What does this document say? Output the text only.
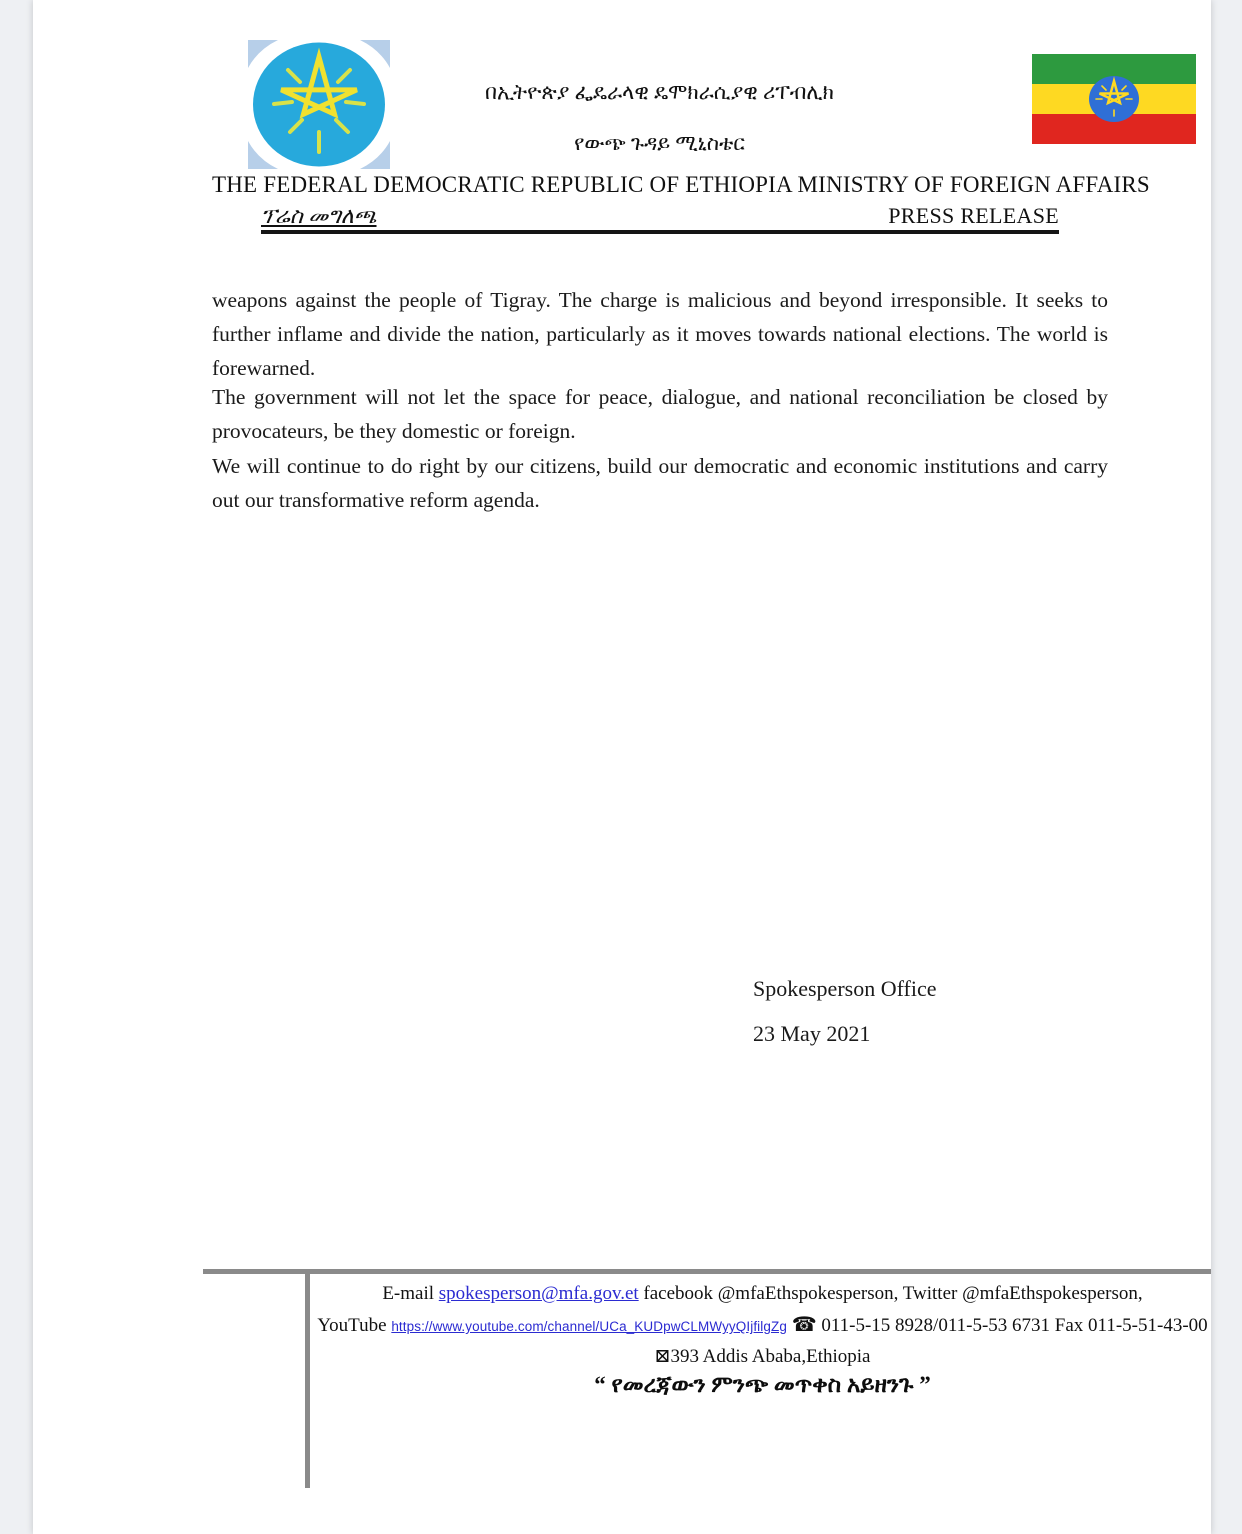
በኢትዮጵያ ፌዴራላዊ ዴሞክራሲያዊ ሪፐብሊክ
የውጭ ጉዳይ ሚኒስቴር
THE FEDERAL DEMOCRATIC REPUBLIC OF ETHIOPIA MINISTRY OF FOREIGN AFFAIRS
ፕሬስ መግለጫ	PRESS RELEASE

weapons against the people of Tigray. The charge is malicious and beyond irresponsible. It seeks to further inflame and divide the nation, particularly as it moves towards national elections. The world is forewarned.

The government will not let the space for peace, dialogue, and national reconciliation be closed by provocateurs, be they domestic or foreign.

We will continue to do right by our citizens, build our democratic and economic institutions and carry out our transformative reform agenda.

Spokesperson Office
23 May 2021
E-mail spokesperson@mfa.gov.et facebook @mfaEthspokesperson, Twitter @mfaEthspokesperson,
YouTube https://www.youtube.com/channel/UCa_KUDpwCLMWyyQIjfilgZg ☎ 011-5-15 8928/011-5-53 6731 Fax 011-5-51-43-00
⊠393 Addis Ababa,Ethiopia
“ የመረጃውን ምንጭ መጥቀስ አይዘንጉ ”
